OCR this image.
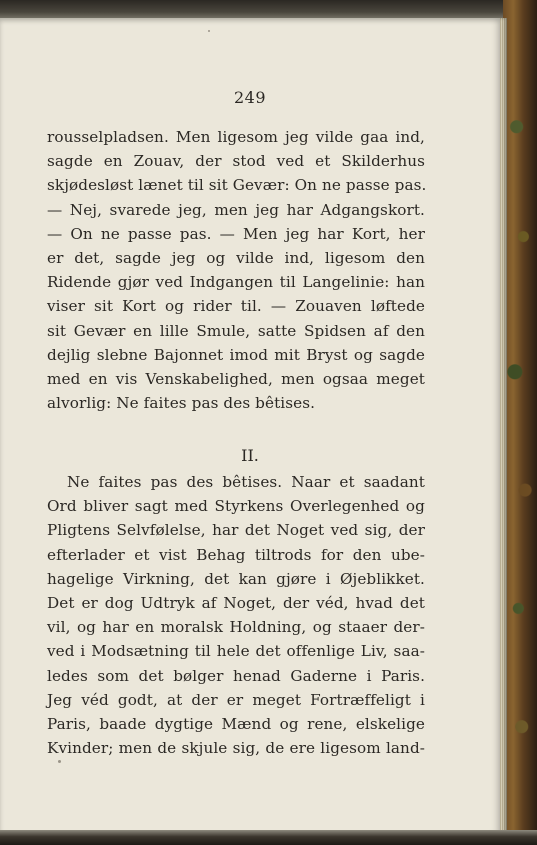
249
rousselpladsen. Men ligesom jeg vilde gaa ind,
sagde en Zouav, der stod ved et Skilderhus
skjødesløst lænet til sit Gevær: On ne passe pas.
— Nej, svarede jeg, men jeg har Adgangskort.
— On ne passe pas. — Men jeg har Kort, her
er det, sagde jeg og vilde ind, ligesom den
Ridende gjør ved Indgangen til Langelinie: han
viser sit Kort og rider til. — Zouaven løftede
sit Gevær en lille Smule, satte Spidsen af den
dejlig slebne Bajonnet imod mit Bryst og sagde
med en vis Venskabelighed, men ogsaa meget
alvorlig: Ne faites pas des bêtises.
II.
Ne faites pas des bêtises. Naar et saadant
Ord bliver sagt med Styrkens Overlegenhed og
Pligtens Selvfølelse, har det Noget ved sig, der
efterlader et vist Behag tiltrods for den ube-
hagelige Virkning, det kan gjøre i Øjeblikket.
Det er dog Udtryk af Noget, der véd, hvad det
vil, og har en moralsk Holdning, og staaer der-
ved i Modsætning til hele det offenlige Liv, saa-
ledes som det bølger henad Gaderne i Paris.
Jeg véd godt, at der er meget Fortræffeligt i
Paris, baade dygtige Mænd og rene, elskelige
Kvinder; men de skjule sig, de ere ligesom land-
